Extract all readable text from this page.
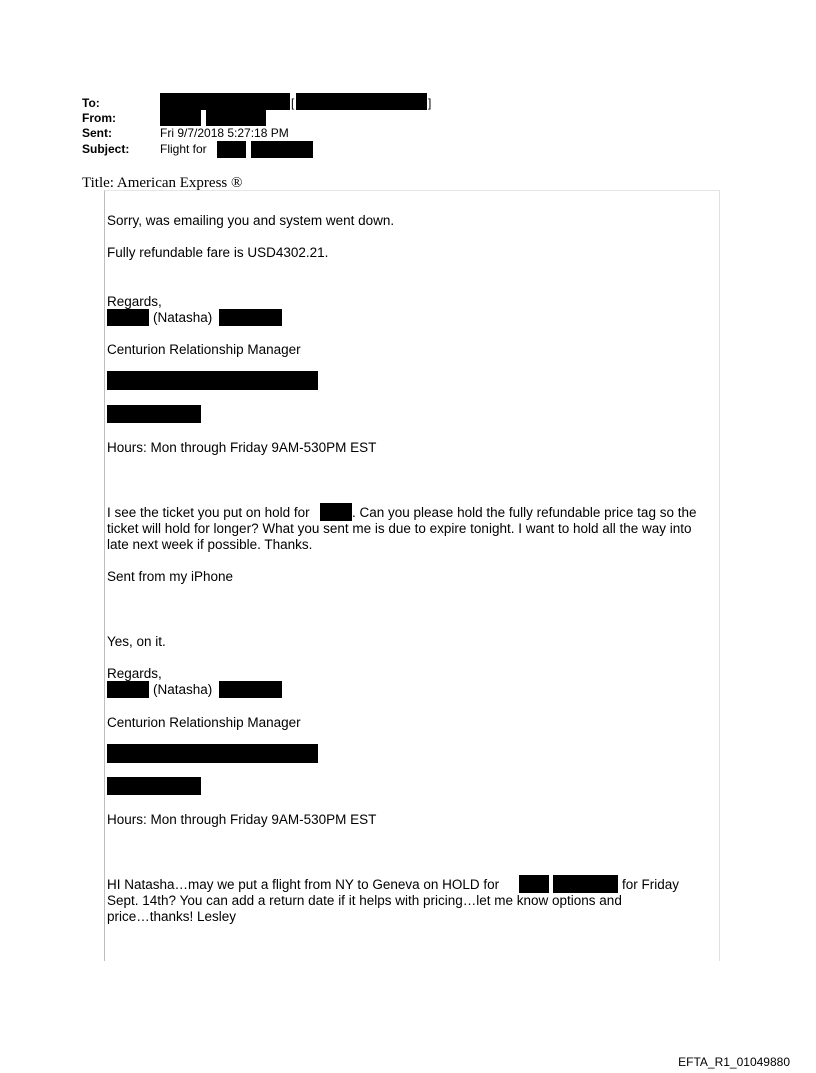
To:	[	]
From:
Sent:	Fri 9/7/2018 5:27:18 PM
Subject:	Flight for
Title: American Express ®
Sorry, was emailing you and system went down.
Fully refundable fare is USD4302.21.
Regards,
(Natasha)
Centurion Relationship Manager
Hours: Mon through Friday 9AM-530PM EST
I see the ticket you put on hold for	. Can you please hold the fully refundable price tag so the
ticket will hold for longer? What you sent me is due to expire tonight. I want to hold all the way into
late next week if possible. Thanks.
Sent from my iPhone
Yes, on it.
Regards,
(Natasha)
Centurion Relationship Manager
Hours: Mon through Friday 9AM-530PM EST
HI Natasha…may we put a flight from NY to Geneva on HOLD for	for Friday
Sept. 14th? You can add a return date if it helps with pricing…let me know options and
price…thanks! Lesley
EFTA_R1_01049880
